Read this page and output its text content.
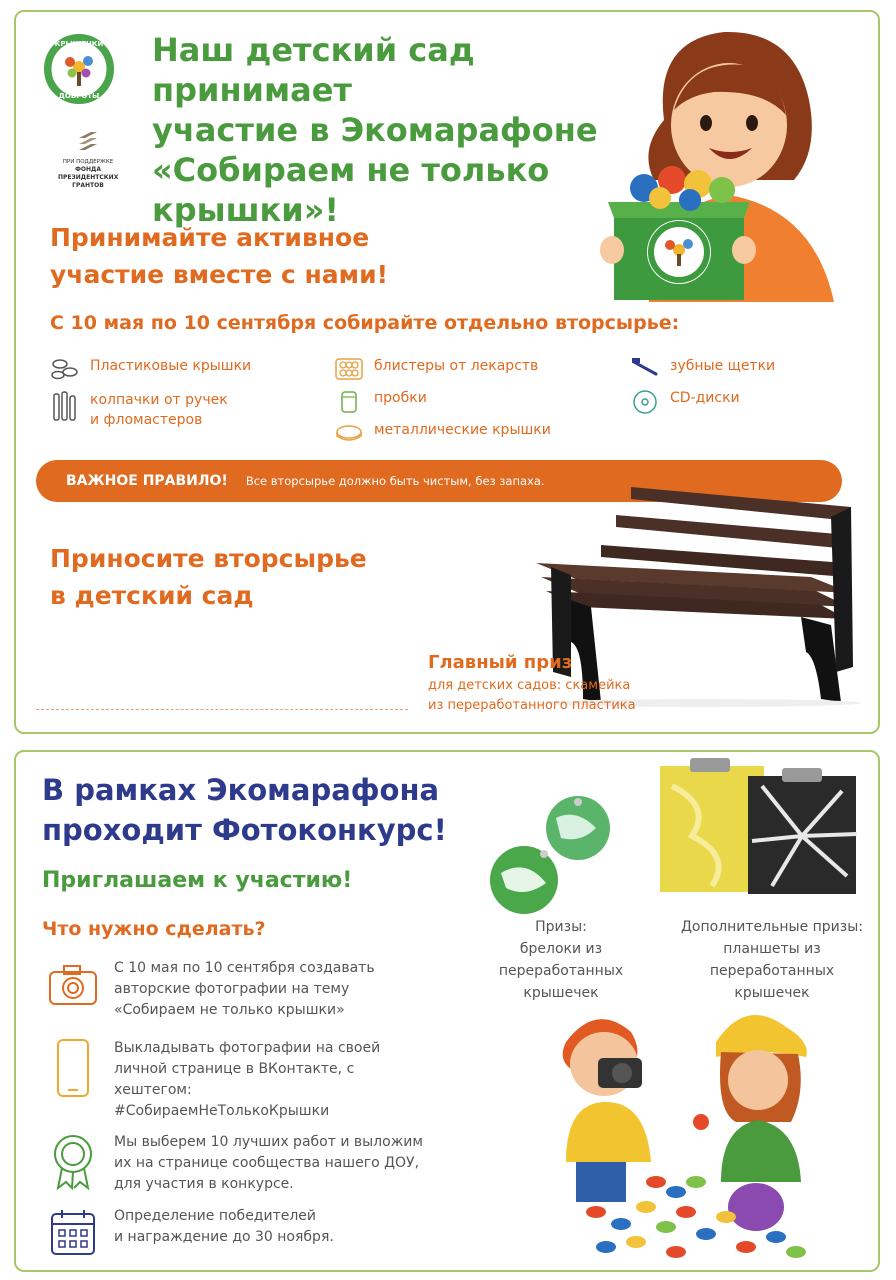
КРЫШЕЧКИ
ДОБРОТЫ
ПРИ ПОДДЕРЖКЕ
ФОНДА
ПРЕЗИДЕНТСКИХ
ГРАНТОВ
Наш детский сад принимает
участие в Экомарафоне
«Собираем не только
крышки»!
Принимайте активное
участие вместе с нами!
С 10 мая по 10 сентября собирайте отдельно вторсырье:
Пластиковые крышки
колпачки от ручек
и фломастеров
блистеры от лекарств
пробки
металлические крышки
зубные щетки
CD-диски
ВАЖНОЕ ПРАВИЛО! Все вторсырье должно быть чистым, без запаха.
Приносите вторсырье
в детский сад
Главный приз
для детских садов: скамейка
из переработанного пластика
В рамках Экомарафона
проходит Фотоконкурс!
Приглашаем к участию!
Что нужно сделать?
С 10 мая по 10 сентября создавать
авторские фотографии на тему
«Собираем не только крышки»
Выкладывать фотографии на своей
личной странице в ВКонтакте, с
хештегом:
#СобираемНеТолькоКрышки
Мы выберем 10 лучших работ и выложим
их на странице сообщества нашего ДОУ,
для участия в конкурсе.
Определение победителей
и награждение до 30 ноября.
Призы:
брелоки из
переработанных
крышечек
Дополнительные призы:
планшеты из
переработанных
крышечек
